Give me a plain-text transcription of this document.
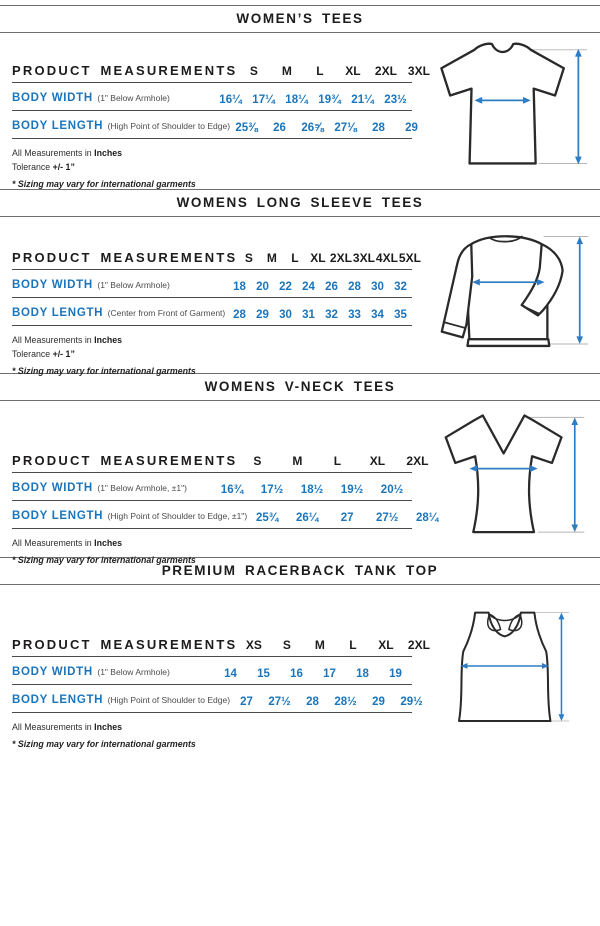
WOMEN’S TEES
PRODUCT MEASUREMENTS	S	M	L	XL	2XL 3XL
BODY WIDTH (1" Below Armhole)	16¼ 17¼ 18¼ 19¾ 21¼ 23½
BODY LENGTH (High Point of Shoulder to Edge) 25⅜	26	26⅝ 27⅛	28	29
All Measurements in Inches
Tolerance +/- 1”
* Sizing may vary for international garments
WOMENS LONG SLEEVE TEES
PRODUCT MEASUREMENTS S	M	L XL 2XL 3XL 4XL 5XL
BODY WIDTH (1" Below Armhole)	18 20 22 24 26 28 30 32
BODY LENGTH (Center from Front of Garment) 28 29 30 31 32 33 34 35
All Measurements in Inches
Tolerance +/- 1”
* Sizing may vary for international garments
WOMENS V-NECK TEES
PRODUCT MEASUREMENTS	S	M	L	XL	2XL
BODY WIDTH (1" Below Armhole, ±1")	16¾	17½	18½	19½	20½
BODY LENGTH (High Point of Shoulder to Edge, ±1") 25¾	26¼	27	27½	28¼
All Measurements in Inches
* Sizing may vary for international garments
PREMIUM RACERBACK TANK TOP
PRODUCT MEASUREMENTS XS	S	M	L	XL	2XL
BODY WIDTH (1" Below Armhole)	14	15	16	17	18	19
BODY LENGTH (High Point of Shoulder to Edge) 27	27½	28	28½	29	29½
All Measurements in Inches
* Sizing may vary for international garments
